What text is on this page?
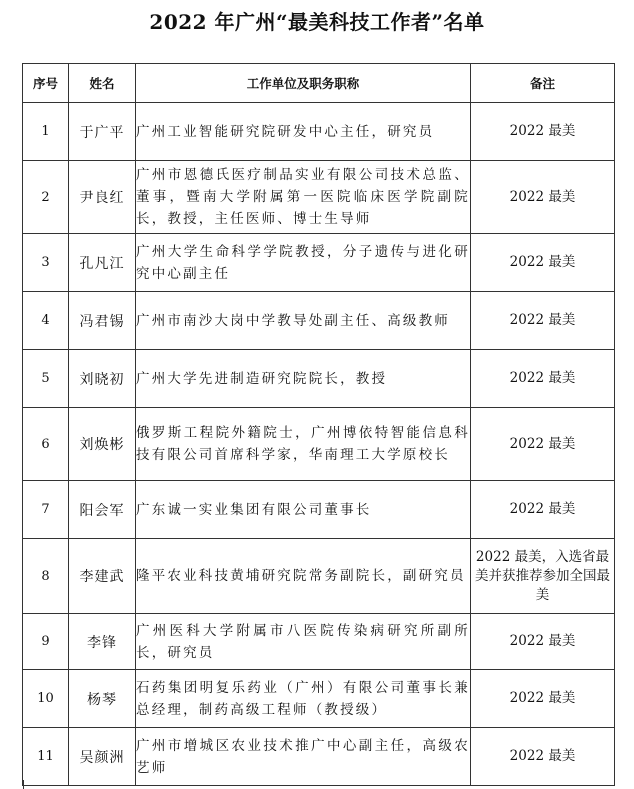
2022 年广州“最美科技工作者”名单
序号	姓名	工作单位及职务职称	备注
1	于广平	广州工业智能研究院研发中心主任，研究员	2022 最美
2	尹良红	广州市恩德氏医疗制品实业有限公司技术总监、董事，暨南大学附属第一医院临床医学院副院长，教授，主任医师、博士生导师	2022 最美
3	孔凡江	广州大学生命科学学院教授，分子遗传与进化研究中心副主任	2022 最美
4	冯君锡	广州市南沙大岗中学教导处副主任、高级教师	2022 最美
5	刘晓初	广州大学先进制造研究院院长，教授	2022 最美
6	刘焕彬	俄罗斯工程院外籍院士，广州博依特智能信息科技有限公司首席科学家，华南理工大学原校长	2022 最美
7	阳会军	广东诚一实业集团有限公司董事长	2022 最美
8	李建武	隆平农业科技黄埔研究院常务副院长，副研究员	2022 最美，入选省最美并获推荐参加全国最美
9	李锋	广州医科大学附属市八医院传染病研究所副所长，研究员	2022 最美
10	杨琴	石药集团明复乐药业（广州）有限公司董事长兼总经理，制药高级工程师（教授级）	2022 最美
11	吴颜洲	广州市增城区农业技术推广中心副主任，高级农艺师	2022 最美
